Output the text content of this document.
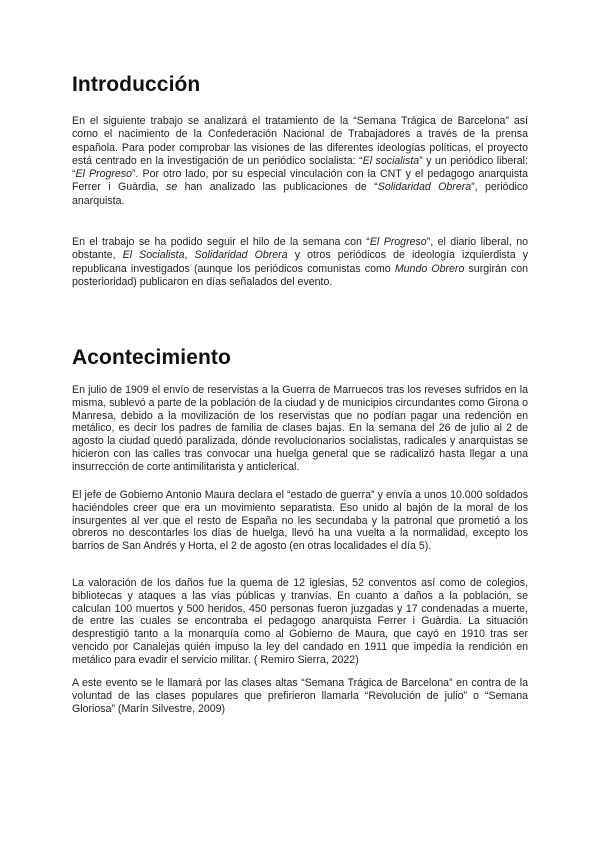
Introducción

En el siguiente trabajo se analizará el tratamiento de la “Semana Trágica de Barcelona” así como el nacimiento de la Confederación Nacional de Trabajadores a través de la prensa española. Para poder comprobar las visiones de las diferentes ideologías políticas, el proyecto está centrado en la investigación de un periódico socialista: “El socialista” y un periódico liberal: “El Progreso”. Por otro lado, por su especial vinculación con la CNT y el pedagogo anarquista Ferrer i Guàrdia, se han analizado las publicaciones de “Solidaridad Obrera”, periódico anarquista.

En el trabajo se ha podido seguir el hilo de la semana con “El Progreso”, el diario liberal, no obstante, El Socialista, Solidaridad Obrera y otros periódicos de ideología izquierdista y republicana investigados (aunque los periódicos comunistas como Mundo Obrero surgirán con posterioridad) publicaron en días señalados del evento.

Acontecimiento

En julio de 1909 el envío de reservistas a la Guerra de Marruecos tras los reveses sufridos en la misma, sublevó a parte de la población de la ciudad y de municipios circundantes como Girona o Manresa, debido a la movilización de los reservistas que no podían pagar una redención en metálico, es decir los padres de familia de clases bajas. En la semana del 26 de julio al 2 de agosto la ciudad quedó paralizada, dónde revolucionarios socialistas, radicales y anarquistas se hicieron con las calles tras convocar una huelga general que se radicalizó hasta llegar a una insurrección de corte antimilitarista y anticlerical.

El jefe de Gobierno Antonio Maura declara el “estado de guerra” y envía a unos 10.000 soldados haciéndoles creer que era un movimiento separatista. Eso unido al bajón de la moral de los insurgentes al ver que el resto de España no les secundaba y la patronal que prometió a los obreros no descontarles los días de huelga, llevó ha una vuelta a la normalidad, excepto los barrios de San Andrés y Horta, el 2 de agosto (en otras localidades el día 5).

La valoración de los daños fue la quema de 12 iglesias, 52 conventos así como de colegios, bibliotecas y ataques a las vías públicas y tranvías. En cuanto a daños a la población, se calculan 100 muertos y 500 heridos, 450 personas fueron juzgadas y 17 condenadas a muerte, de entre las cuales se encontraba el pedagogo anarquista Ferrer i Guàrdia. La situación desprestigió tanto a la monarquía como al Gobierno de Maura, que cayó en 1910 tras ser vencido por Canalejas quién impuso la ley del candado en 1911 que impedía la rendición en metálico para evadir el servicio militar. ( Remiro Sierra, 2022)

A este evento se le llamará por las clases altas “Semana Trágica de Barcelona” en contra de la voluntad de las clases populares que prefirieron llamarla “Revolución de julio” o “Semana Gloriosa” (Marín Silvestre, 2009)
